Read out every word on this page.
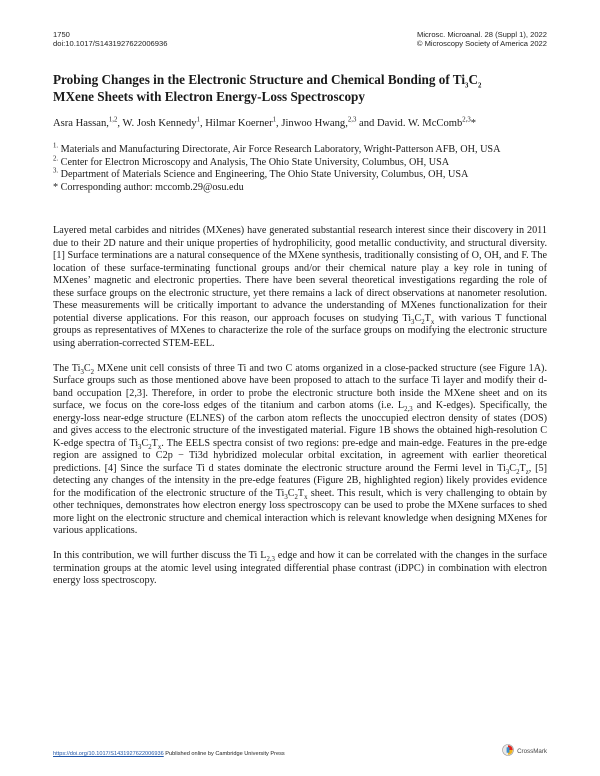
1750
doi:10.1017/S1431927622006936
Microsc. Microanal. 28 (Suppl 1), 2022
© Microscopy Society of America 2022
Probing Changes in the Electronic Structure and Chemical Bonding of $Ti_3C_2$
MXene Sheets with Electron Energy-Loss Spectroscopy
Asra Hassan,$^{1,2}$, W. Josh Kennedy$^1$, Hilmar Koerner$^1$, Jinwoo Hwang,$^{2,3}$ and David. W. McComb$^{2,3}$*
$^{1.}$ Materials and Manufacturing Directorate, Air Force Research Laboratory, Wright-Patterson AFB, OH, USA
$^{2.}$ Center for Electron Microscopy and Analysis, The Ohio State University, Columbus, OH, USA
$^{3.}$ Department of Materials Science and Engineering, The Ohio State University, Columbus, OH, USA
* Corresponding author: mccomb.29@osu.edu

Layered metal carbides and nitrides (MXenes) have generated substantial research interest since their discovery in 2011 due to their 2D nature and their unique properties of hydrophilicity, good metallic conductivity, and structural diversity. [1] Surface terminations are a natural consequence of the MXene synthesis, traditionally consisting of O, OH, and F. The location of these surface-terminating functional groups and/or their chemical nature play a key role in tuning of MXenes’ magnetic and electronic properties. There have been several theoretical investigations regarding the role of these surface groups on the electronic structure, yet there remains a lack of direct observations at nanometer resolution. These measurements will be critically important to advance the understanding of MXenes functionalization for their potential diverse applications. For this reason, our approach focuses on studying $Ti_3C_2T_x$ with various T functional groups as representatives of MXenes to characterize the role of the surface groups on modifying the electronic structure using aberration-corrected STEM-EEL.

The $Ti_3C_2$ MXene unit cell consists of three Ti and two C atoms organized in a close-packed structure (see Figure 1A). Surface groups such as those mentioned above have been proposed to attach to the surface Ti layer and modify their d-band occupation [2,3]. Therefore, in order to probe the electronic structure both inside the MXene sheet and on its surface, we focus on the core-loss edges of the titanium and carbon atoms (i.e. $L_{2,3}$ and K-edges). Specifically, the energy-loss near-edge structure (ELNES) of the carbon atom reflects the unoccupied electron density of states (DOS) and gives access to the electronic structure of the investigated material. Figure 1B shows the obtained high-resolution C K-edge spectra of $Ti_3C_2T_x$. The EELS spectra consist of two regions: pre-edge and main-edge. Features in the pre-edge region are assigned to C2p − Ti3d hybridized molecular orbital excitation, in agreement with earlier theoretical predictions. [4] Since the surface Ti d states dominate the electronic structure around the Fermi level in $Ti_3C_2T_z$, [5] detecting any changes of the intensity in the pre-edge features (Figure 2B, highlighted region) likely provides evidence for the modification of the electronic structure of the $Ti_3C_2T_x$ sheet. This result, which is very challenging to obtain by other techniques, demonstrates how electron energy loss spectroscopy can be used to probe the MXene surfaces to shed more light on the electronic structure and chemical interaction which is relevant knowledge when designing MXenes for various applications.

In this contribution, we will further discuss the Ti $L_{2,3}$ edge and how it can be correlated with the changes in the surface termination groups at the atomic level using integrated differential phase contrast (iDPC) in combination with electron energy loss spectroscopy.

https://doi.org/10.1017/S1431927622006936 Published online by Cambridge University Press	CrossMark
